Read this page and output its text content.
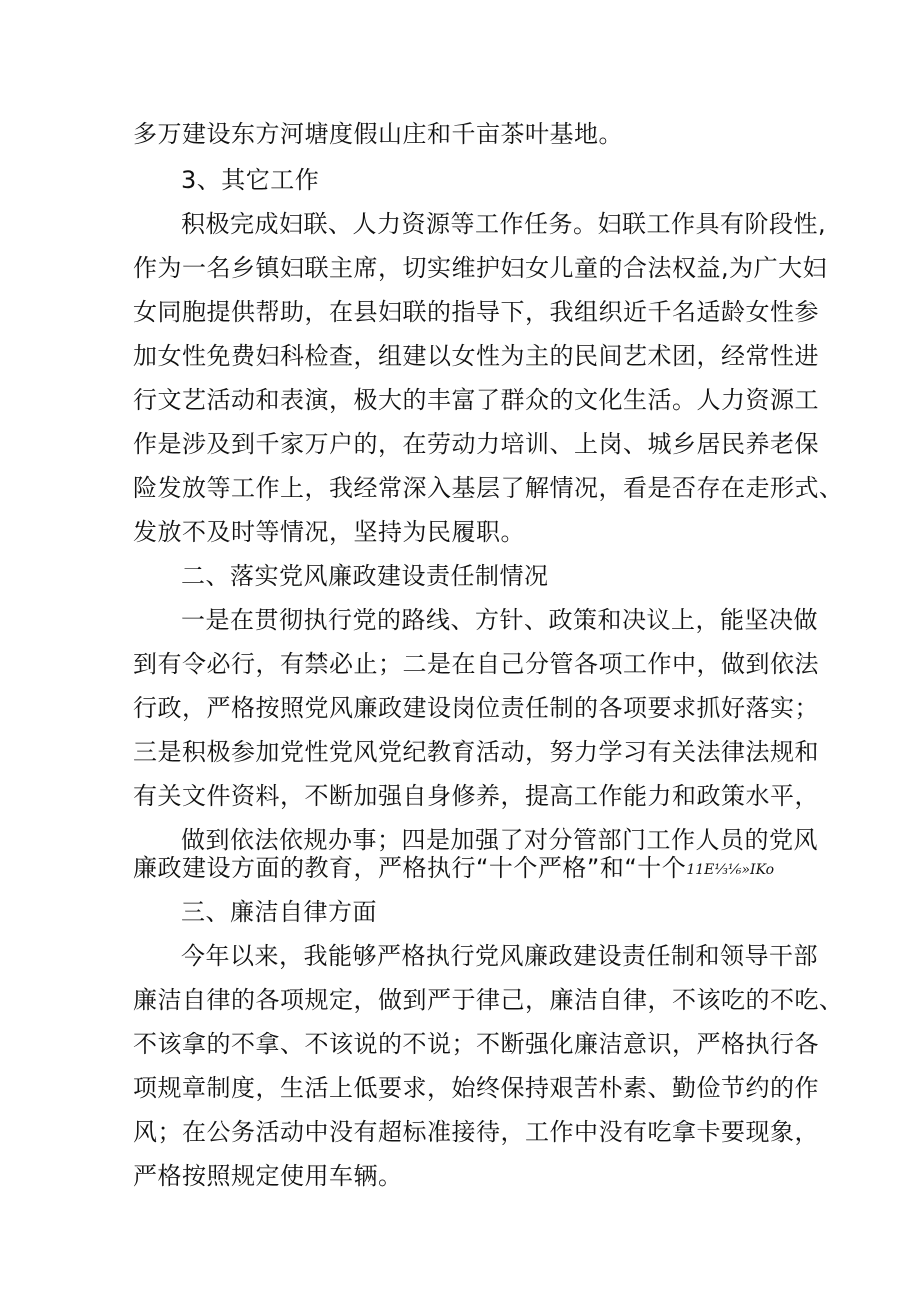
多万建设东方河塘度假山庄和千亩茶叶基地。
3、其它工作
积极完成妇联、人力资源等工作任务。妇联工作具有阶段性,
作为一名乡镇妇联主席，切实维护妇女儿童的合法权益,为广大妇
女同胞提供帮助，在县妇联的指导下，我组织近千名适龄女性参
加女性免费妇科检查，组建以女性为主的民间艺术团，经常性进
行文艺活动和表演，极大的丰富了群众的文化生活。人力资源工
作是涉及到千家万户的，在劳动力培训、上岗、城乡居民养老保
险发放等工作上，我经常深入基层了解情况，看是否存在走形式、
发放不及时等情况，坚持为民履职。
二、落实党风廉政建设责任制情况
一是在贯彻执行党的路线、方针、政策和决议上，能坚决做
到有令必行，有禁必止；二是在自己分管各项工作中，做到依法
行政，严格按照党风廉政建设岗位责任制的各项要求抓好落实；
三是积极参加党性党风党纪教育活动，努力学习有关法律法规和
有关文件资料，不断加强自身修养，提高工作能力和政策水平，
做到依法依规办事；四是加强了对分管部门工作人员的党风
廉政建设方面的教育，严格执行“十个严格”和“十个11E⅓⅙»IKo
三、廉洁自律方面
今年以来，我能够严格执行党风廉政建设责任制和领导干部
廉洁自律的各项规定，做到严于律己，廉洁自律，不该吃的不吃、
不该拿的不拿、不该说的不说；不断强化廉洁意识，严格执行各
项规章制度，生活上低要求，始终保持艰苦朴素、勤俭节约的作
风；在公务活动中没有超标准接待，工作中没有吃拿卡要现象，
严格按照规定使用车辆。
